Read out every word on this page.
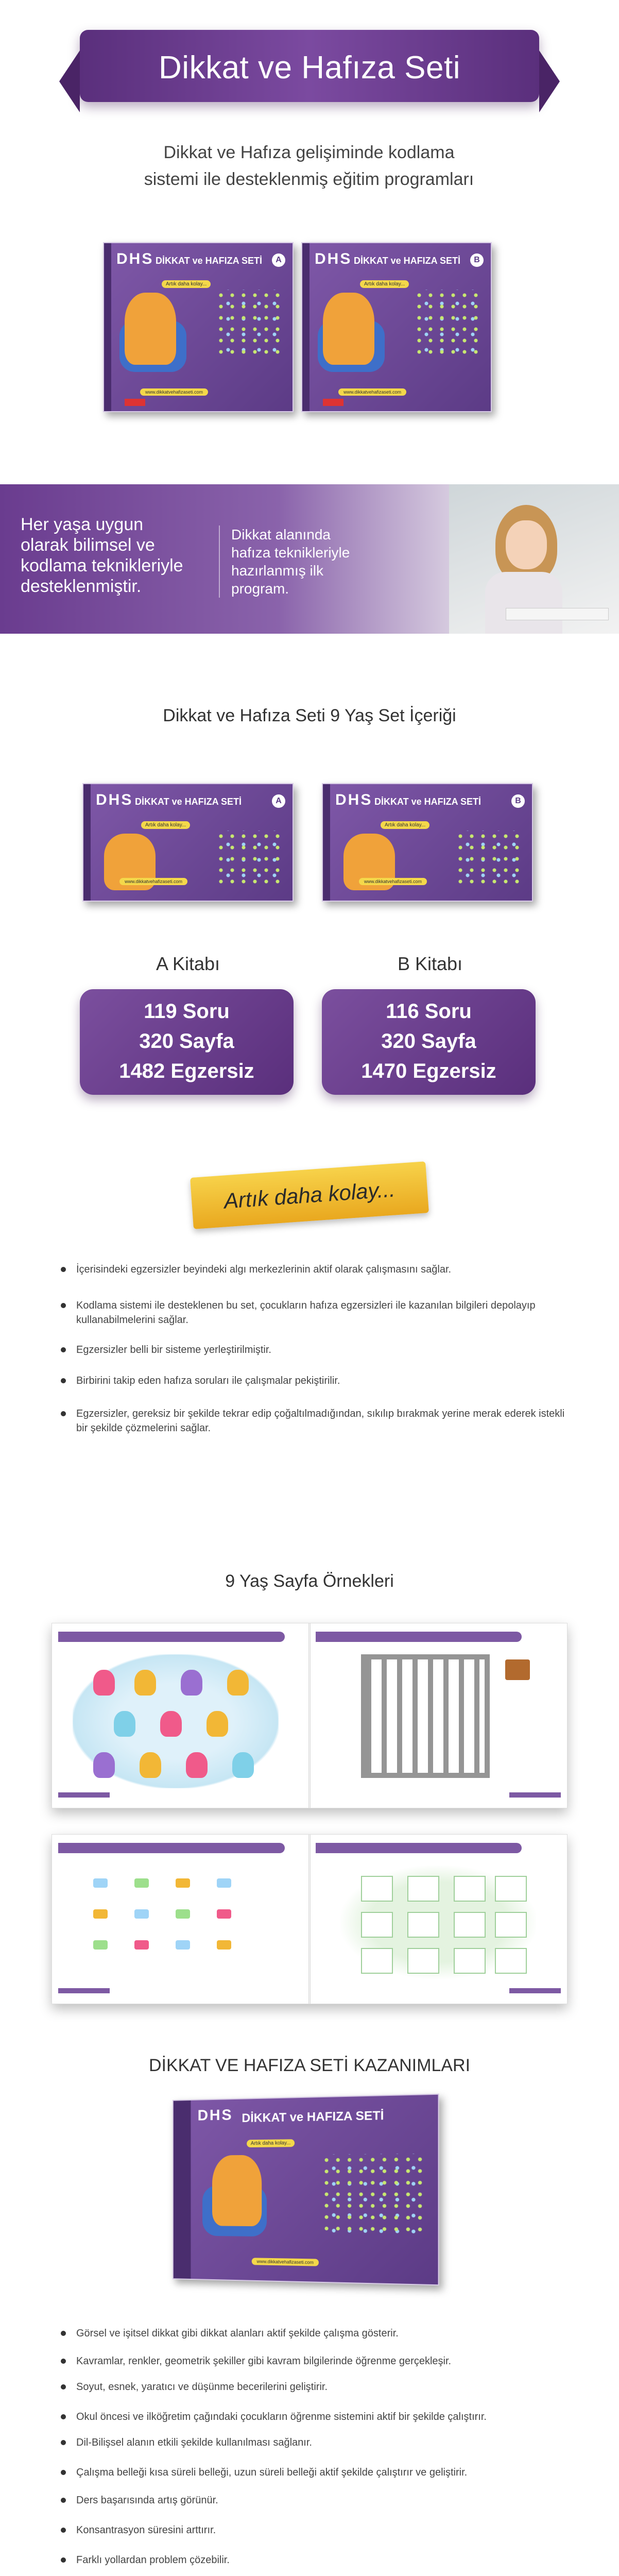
Dikkat ve Hafıza Seti
Dikkat ve Hafıza gelişiminde kodlama
sistemi ile desteklenmiş eğitim programları
DHS DİKKAT ve HAFIZA SETİ	A
Artık daha kolay...
www.dikkatvehafizaseti.com
DHS DİKKAT ve HAFIZA SETİ	B
Artık daha kolay...
www.dikkatvehafizaseti.com
Her yaşa uygun olarak bilimsel ve kodlama teknikleriyle desteklenmiştir.
Dikkat alanında hafıza teknikleriyle hazırlanmış ilk program.
Dikkat ve Hafıza Seti 9 Yaş Set İçeriği
DHS DİKKAT ve HAFIZA SETİ	A
Artık daha kolay...
www.dikkatvehafizaseti.com
DHS DİKKAT ve HAFIZA SETİ	B
Artık daha kolay...
www.dikkatvehafizaseti.com
A Kitabı	B Kitabı
119 Soru
320 Sayfa
1482 Egzersiz
116 Soru
320 Sayfa
1470 Egzersiz
Artık daha kolay...
İçerisindeki egzersizler beyindeki algı merkezlerinin aktif olarak çalışmasını sağlar.
Kodlama sistemi ile desteklenen bu set, çocukların hafıza egzersizleri ile kazanılan bilgileri depolayıp kullanabilmelerini sağlar.
Egzersizler belli bir sisteme yerleştirilmiştir.
Birbirini takip eden hafıza soruları ile çalışmalar pekiştirilir.
Egzersizler, gereksiz bir şekilde tekrar edip çoğaltılmadığından, sıkılıp bırakmak yerine merak ederek istekli bir şekilde çözmelerini sağlar.
9 Yaş Sayfa Örnekleri
DİKKAT VE HAFIZA SETİ KAZANIMLARI
DHS DİKKAT ve HAFIZA SETİ
Artık daha kolay...
www.dikkatvehafizaseti.com
Görsel ve işitsel dikkat gibi dikkat alanları aktif şekilde çalışma gösterir.
Kavramlar, renkler, geometrik şekiller gibi kavram bilgilerinde öğrenme gerçekleşir.
Soyut, esnek, yaratıcı ve düşünme becerilerini geliştirir.
Okul öncesi ve ilköğretim çağındaki çocukların öğrenme sistemini aktif bir şekilde çalıştırır.
Dil-Bilişsel alanın etkili şekilde kullanılması sağlanır.
Çalışma belleği kısa süreli belleği, uzun süreli belleği aktif şekilde çalıştırır ve geliştirir.
Ders başarısında artış görünür.
Konsantrasyon süresini arttırır.
Farklı yollardan problem çözebilir.
